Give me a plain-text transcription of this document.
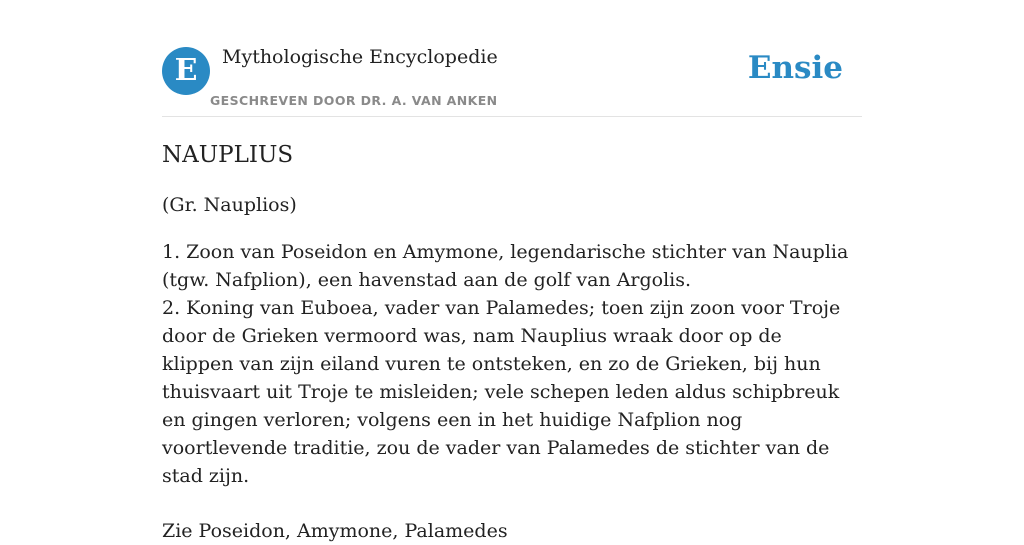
E	Mythologische Encyclopedie
GESCHREVEN DOOR DR. A. VAN ANKEN
Ensie
NAUPLIUS
(Gr. Nauplios)

1. Zoon van Poseidon en Amymone, legendarische stichter van Nauplia (tgw. Nafplion), een havenstad aan de golf van Argolis.

2. Koning van Euboea, vader van Palamedes; toen zijn zoon voor Troje door de Grieken vermoord was, nam Nauplius wraak door op de klippen van zijn eiland vuren te ontsteken, en zo de Grieken, bij hun thuisvaart uit Troje te misleiden; vele schepen leden aldus schipbreuk en gingen verloren; volgens een in het huidige Nafplion nog voortlevende traditie, zou de vader van Palamedes de stichter van de stad zijn.

Zie Poseidon, Amymone, Palamedes
